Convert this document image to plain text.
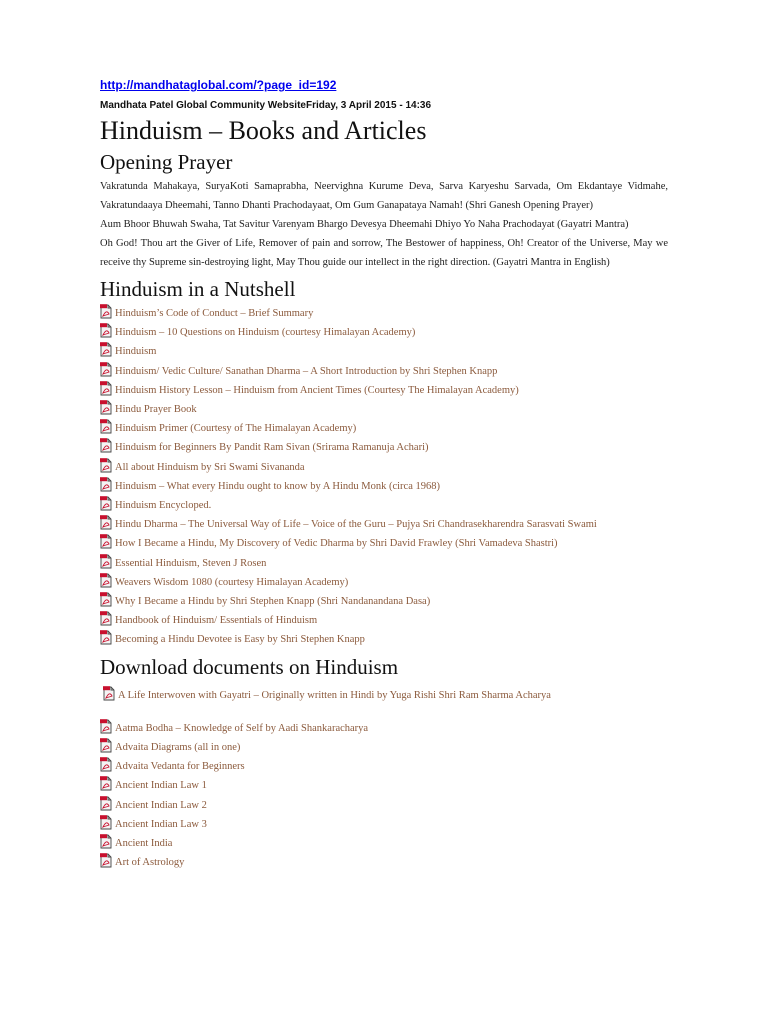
http://mandhataglobal.com/?page_id=192
Mandhata Patel Global Community WebsiteFriday, 3 April 2015 - 14:36
Hinduism – Books and Articles
Opening Prayer

Vakratunda Mahakaya, SuryaKoti Samaprabha, Neervighna Kurume Deva, Sarva Karyeshu Sarvada, Om Ekdantaye Vidmahe, Vakratundaaya Dheemahi, Tanno Dhanti Prachodayaat, Om Gum Ganapataya Namah! (Shri Ganesh Opening Prayer)

Aum Bhoor Bhuwah Swaha, Tat Savitur Varenyam Bhargo Devesya Dheemahi Dhiyo Yo Naha Prachodayat (Gayatri Mantra)

Oh God! Thou art the Giver of Life, Remover of pain and sorrow, The Bestower of happiness, Oh! Creator of the Universe, May we receive thy Supreme sin-destroying light, May Thou guide our intellect in the right direction. (Gayatri Mantra in English)

Hinduism in a Nutshell
Hinduism’s Code of Conduct – Brief Summary
Hinduism – 10 Questions on Hinduism (courtesy Himalayan Academy)
Hinduism
Hinduism/ Vedic Culture/ Sanathan Dharma – A Short Introduction by Shri Stephen Knapp
Hinduism History Lesson – Hinduism from Ancient Times (Courtesy The Himalayan Academy)
Hindu Prayer Book
Hinduism Primer (Courtesy of The Himalayan Academy)
Hinduism for Beginners By Pandit Ram Sivan (Srirama Ramanuja Achari)
All about Hinduism by Sri Swami Sivananda
Hinduism – What every Hindu ought to know by A Hindu Monk (circa 1968)
Hinduism Encycloped.
Hindu Dharma – The Universal Way of Life – Voice of the Guru – Pujya Sri Chandrasekharendra Sarasvati Swami
How I Became a Hindu, My Discovery of Vedic Dharma by Shri David Frawley (Shri Vamadeva Shastri)
Essential Hinduism, Steven J Rosen
Weavers Wisdom 1080 (courtesy Himalayan Academy)
Why I Became a Hindu by Shri Stephen Knapp (Shri Nandanandana Dasa)
Handbook of Hinduism/ Essentials of Hinduism
Becoming a Hindu Devotee is Easy by Shri Stephen Knapp
Download documents on Hinduism
A Life Interwoven with Gayatri – Originally written in Hindi by Yuga Rishi Shri Ram Sharma Acharya
Aatma Bodha – Knowledge of Self by Aadi Shankaracharya
Advaita Diagrams (all in one)
Advaita Vedanta for Beginners
Ancient Indian Law 1
Ancient Indian Law 2
Ancient Indian Law 3
Ancient India
Art of Astrology
